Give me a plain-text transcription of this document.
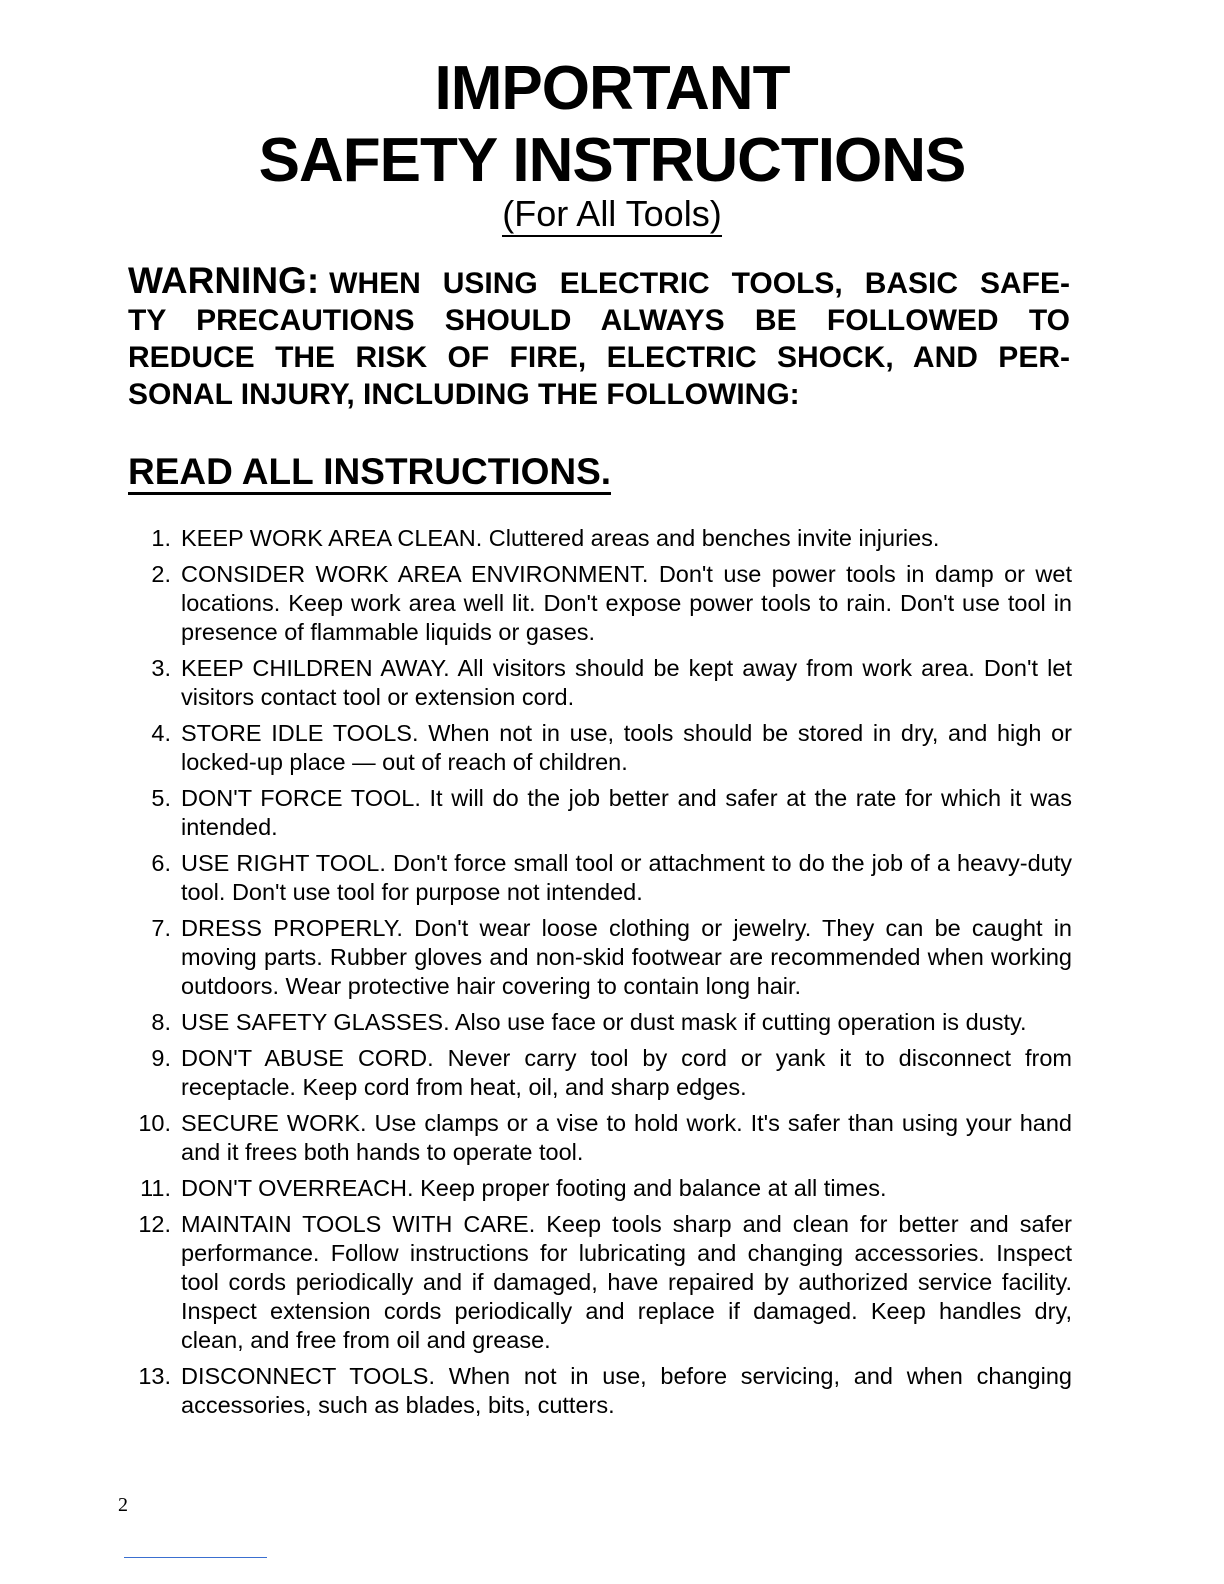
IMPORTANT
SAFETY INSTRUCTIONS
(For All Tools)
WARNING: WHEN USING ELECTRIC TOOLS, BASIC SAFE-
TY PRECAUTIONS SHOULD ALWAYS BE FOLLOWED TO
REDUCE THE RISK OF FIRE, ELECTRIC SHOCK, AND PER-
SONAL INJURY, INCLUDING THE FOLLOWING:
READ ALL INSTRUCTIONS.
1. KEEP WORK AREA CLEAN. Cluttered areas and benches invite injuries.
2. CONSIDER WORK AREA ENVIRONMENT. Don't use power tools in damp or wet locations. Keep work area well lit. Don't expose power tools to rain. Don't use tool in presence of flammable liquids or gases.
3. KEEP CHILDREN AWAY. All visitors should be kept away from work area. Don't let visitors contact tool or extension cord.
4. STORE IDLE TOOLS. When not in use, tools should be stored in dry, and high or locked-up place — out of reach of children.
5. DON'T FORCE TOOL. It will do the job better and safer at the rate for which it was intended.
6. USE RIGHT TOOL. Don't force small tool or attachment to do the job of a heavy-duty tool. Don't use tool for purpose not intended.
7. DRESS PROPERLY. Don't wear loose clothing or jewelry. They can be caught in moving parts. Rubber gloves and non-skid footwear are recommended when working outdoors. Wear protective hair covering to contain long hair.
8. USE SAFETY GLASSES. Also use face or dust mask if cutting operation is dusty.
9. DON'T ABUSE CORD. Never carry tool by cord or yank it to disconnect from receptacle. Keep cord from heat, oil, and sharp edges.
10. SECURE WORK. Use clamps or a vise to hold work. It's safer than using your hand and it frees both hands to operate tool.
11. DON'T OVERREACH. Keep proper footing and balance at all times.
12. MAINTAIN TOOLS WITH CARE. Keep tools sharp and clean for better and safer performance. Follow instructions for lubricating and changing accessories. Inspect tool cords periodically and if damaged, have repaired by authorized service facility. Inspect extension cords periodically and replace if damaged. Keep handles dry, clean, and free from oil and grease.
13. DISCONNECT TOOLS. When not in use, before servicing, and when changing accessories, such as blades, bits, cutters.
2
